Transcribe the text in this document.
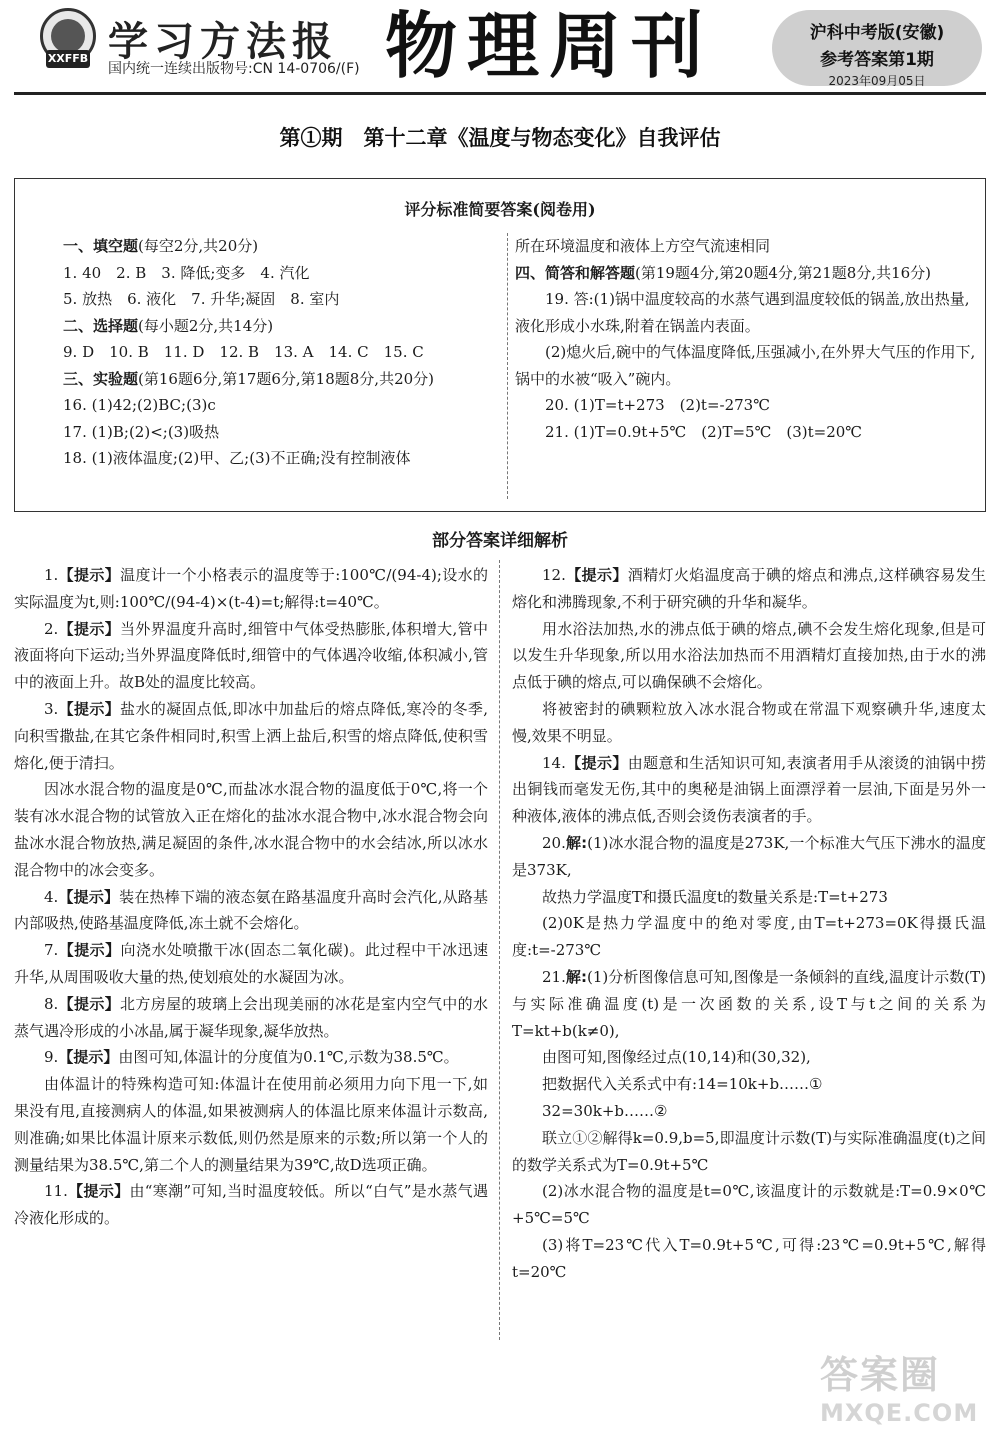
XXFFB 学习方法报
国内统一连续出版物号:CN 14-0706/(F) 物理周刊	沪科中考版(安徽)
参考答案第1期
2023年09月05日
第①期　第十二章《温度与物态变化》自我评估
评分标准简要答案(阅卷用)
一、填空题(每空2分,共20分)
1. 40　2. B　3. 降低;变多　4. 汽化
5. 放热　6. 液化　7. 升华;凝固　8. 室内
二、选择题(每小题2分,共14分)
9. D　10. B　11. D　12. B　13. A　14. C　15. C
三、实验题(第16题6分,第17题6分,第18题8分,共20分)
16. (1)42;(2)BC;(3)c
17. (1)B;(2)<;(3)吸热
18. (1)液体温度;(2)甲、乙;(3)不正确;没有控制液体
所在环境温度和液体上方空气流速相同
四、简答和解答题(第19题4分,第20题4分,第21题8分,共16分)
19. 答:(1)锅中温度较高的水蒸气遇到温度较低的锅盖,放出热量,液化形成小水珠,附着在锅盖内表面。
(2)熄火后,碗中的气体温度降低,压强减小,在外界大气压的作用下,锅中的水被“吸入”碗内。
20. (1)T=t+273　(2)t=-273℃
21. (1)T=0.9t+5℃　(2)T=5℃　(3)t=20℃
部分答案详细解析

1.【提示】温度计一个小格表示的温度等于:100℃/(94-4);设水的实际温度为t,则:100℃/(94-4)×(t-4)=t;解得:t=40℃。

2.【提示】当外界温度升高时,细管中气体受热膨胀,体积增大,管中液面将向下运动;当外界温度降低时,细管中的气体遇冷收缩,体积减小,管中的液面上升。故B处的温度比较高。

3.【提示】盐水的凝固点低,即冰中加盐后的熔点降低,寒冷的冬季,向积雪撒盐,在其它条件相同时,积雪上洒上盐后,积雪的熔点降低,使积雪熔化,便于清扫。

因冰水混合物的温度是0℃,而盐冰水混合物的温度低于0℃,将一个装有冰水混合物的试管放入正在熔化的盐冰水混合物中,冰水混合物会向盐冰水混合物放热,满足凝固的条件,冰水混合物中的水会结冰,所以冰水混合物中的冰会变多。

4.【提示】装在热棒下端的液态氨在路基温度升高时会汽化,从路基内部吸热,使路基温度降低,冻土就不会熔化。

7.【提示】向浇水处喷撒干冰(固态二氧化碳)。此过程中干冰迅速升华,从周围吸收大量的热,使划痕处的水凝固为冰。

8.【提示】北方房屋的玻璃上会出现美丽的冰花是室内空气中的水蒸气遇冷形成的小冰晶,属于凝华现象,凝华放热。

9.【提示】由图可知,体温计的分度值为0.1℃,示数为38.5℃。

由体温计的特殊构造可知:体温计在使用前必须用力向下甩一下,如果没有甩,直接测病人的体温,如果被测病人的体温比原来体温计示数高,则准确;如果比体温计原来示数低,则仍然是原来的示数;所以第一个人的测量结果为38.5℃,第二个人的测量结果为39℃,故D选项正确。

11.【提示】由“寒潮”可知,当时温度较低。所以“白气”是水蒸气遇冷液化形成的。

12.【提示】酒精灯火焰温度高于碘的熔点和沸点,这样碘容易发生熔化和沸腾现象,不利于研究碘的升华和凝华。

用水浴法加热,水的沸点低于碘的熔点,碘不会发生熔化现象,但是可以发生升华现象,所以用水浴法加热而不用酒精灯直接加热,由于水的沸点低于碘的熔点,可以确保碘不会熔化。

将被密封的碘颗粒放入冰水混合物或在常温下观察碘升华,速度太慢,效果不明显。

14.【提示】由题意和生活知识可知,表演者用手从滚烫的油锅中捞出铜钱而毫发无伤,其中的奥秘是油锅上面漂浮着一层油,下面是另外一种液体,液体的沸点低,否则会烫伤表演者的手。

20.解:(1)冰水混合物的温度是273K,一个标准大气压下沸水的温度是373K,

故热力学温度T和摄氏温度t的数量关系是:T=t+273

(2)0K是热力学温度中的绝对零度,由T=t+273=0K得摄氏温度:t=-273℃

21.解:(1)分析图像信息可知,图像是一条倾斜的直线,温度计示数(T)与实际准确温度(t)是一次函数的关系,设T与t之间的关系为T=kt+b(k≠0),

由图可知,图像经过点(10,14)和(30,32),

把数据代入关系式中有:14=10k+b……①

32=30k+b……②

联立①②解得k=0.9,b=5,即温度计示数(T)与实际准确温度(t)之间的数学关系式为T=0.9t+5℃

(2)冰水混合物的温度是t=0℃,该温度计的示数就是:T=0.9×0℃+5℃=5℃

(3)将T=23℃代入T=0.9t+5℃,可得:23℃=0.9t+5℃,解得t=20℃

答案圈
MXQE.COM
